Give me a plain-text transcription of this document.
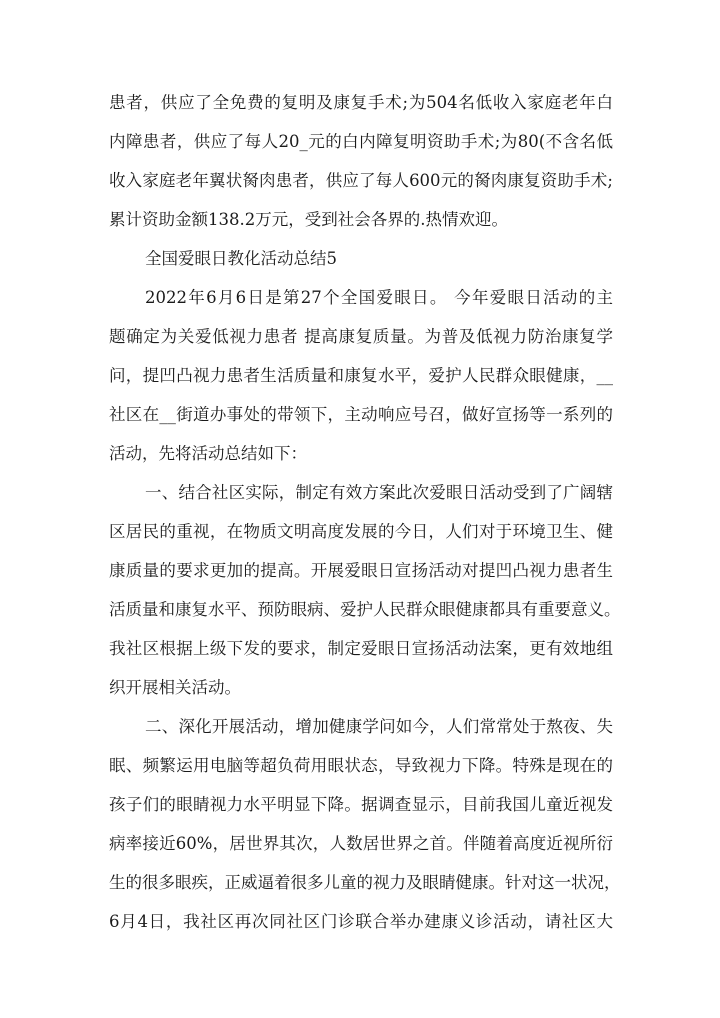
患者，供应了全免费的复明及康复手术;为504名低收入家庭老年白
内障患者，供应了每人20_元的白内障复明资助手术;为80(不含名低
收入家庭老年翼状胬肉患者，供应了每人600元的胬肉康复资助手术;
累计资助金额138.2万元，受到社会各界的.热情欢迎。
全国爱眼日教化活动总结5
2022年6月6日是第27个全国爱眼日。 今年爱眼日活动的主
题确定为关爱低视力患者 提高康复质量。为普及低视力防治康复学
问，提凹凸视力患者生活质量和康复水平，爱护人民群众眼健康，__
社区在__街道办事处的带领下，主动响应号召，做好宣扬等一系列的
活动，先将活动总结如下：
一、结合社区实际，制定有效方案此次爱眼日活动受到了广阔辖
区居民的重视，在物质文明高度发展的今日，人们对于环境卫生、健
康质量的要求更加的提高。开展爱眼日宣扬活动对提凹凸视力患者生
活质量和康复水平、预防眼病、爱护人民群众眼健康都具有重要意义。
我社区根据上级下发的要求，制定爱眼日宣扬活动法案，更有效地组
织开展相关活动。
二、深化开展活动，增加健康学问如今，人们常常处于熬夜、失
眠、频繁运用电脑等超负荷用眼状态，导致视力下降。特殊是现在的
孩子们的眼睛视力水平明显下降。据调查显示，目前我国儿童近视发
病率接近60%，居世界其次，人数居世界之首。伴随着高度近视所衍
生的很多眼疾，正威逼着很多儿童的视力及眼睛健康。针对这一状况，
6月4日，我社区再次同社区门诊联合举办建康义诊活动，请社区大
